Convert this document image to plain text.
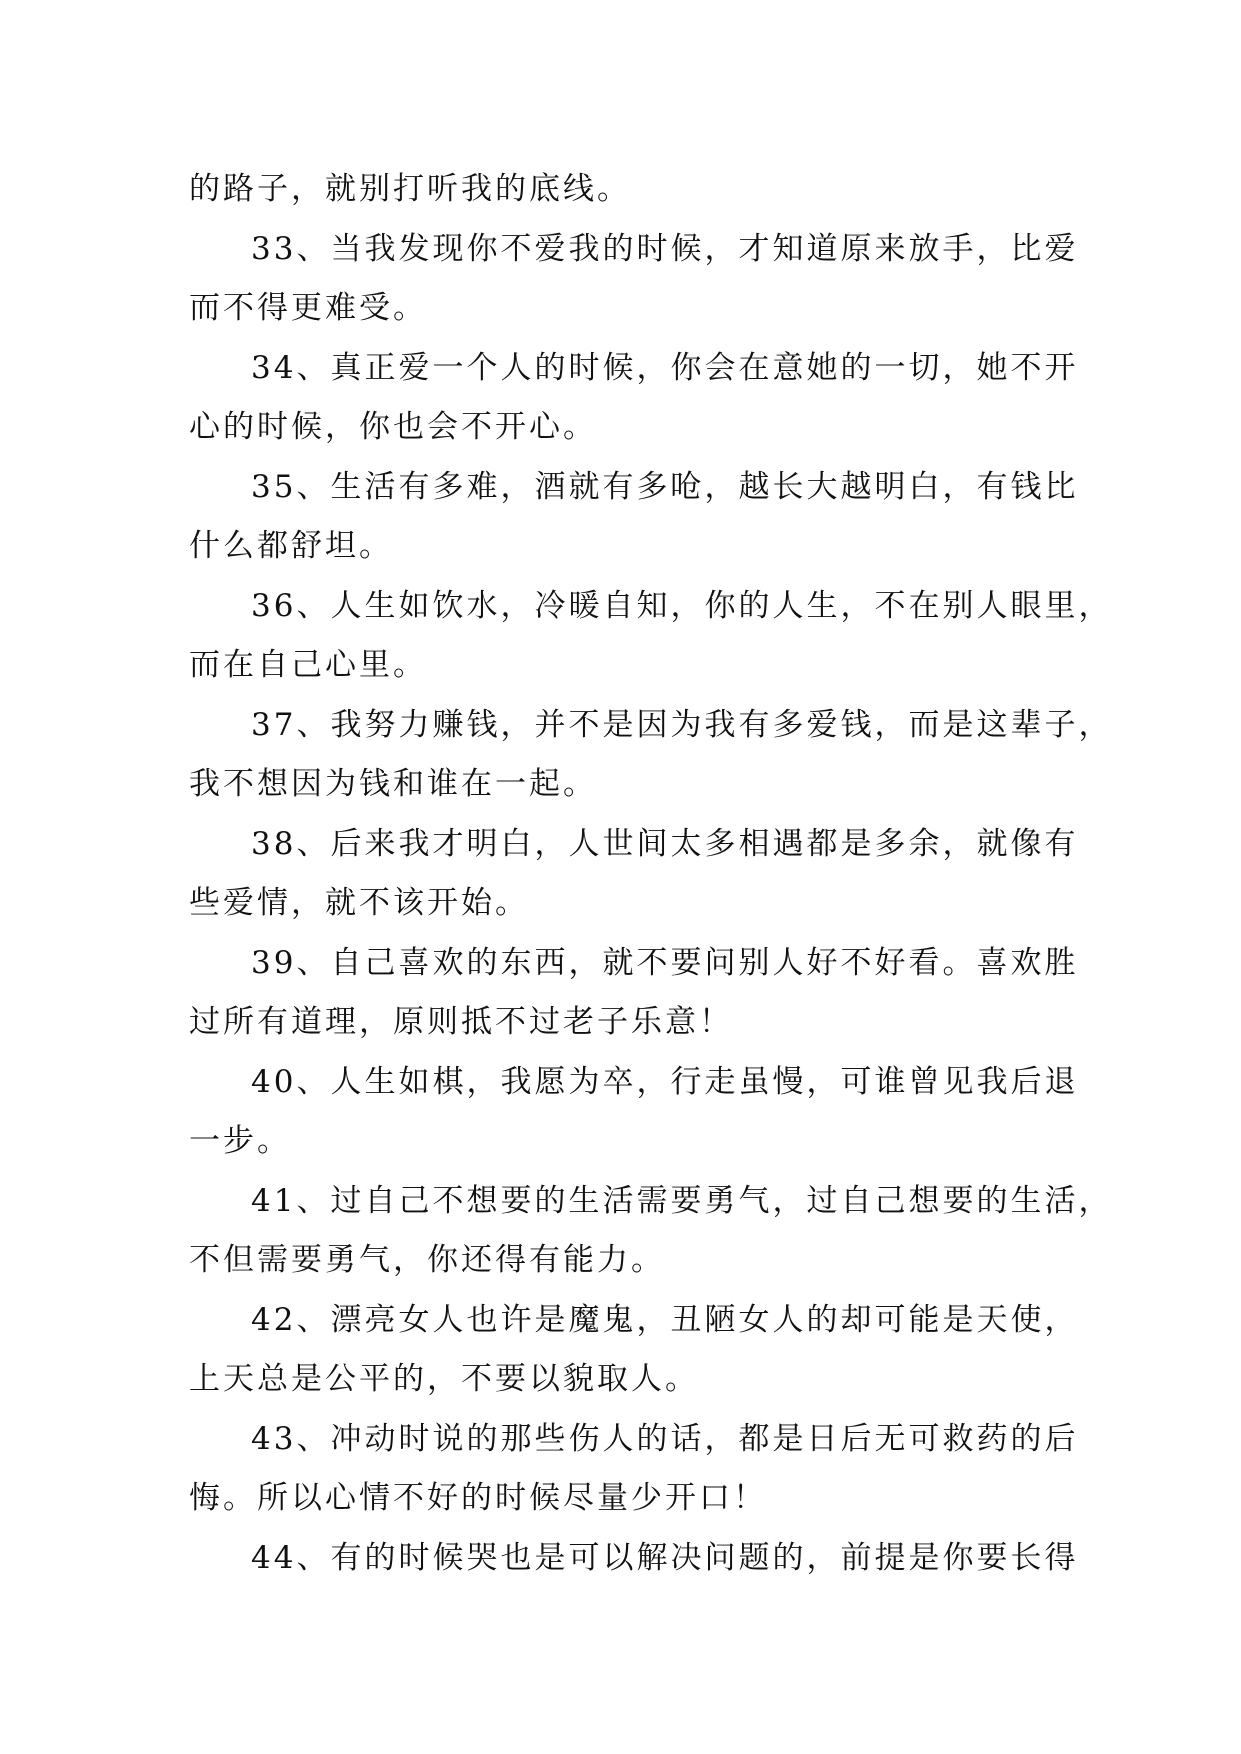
的路子，就别打听我的底线。
33、当我发现你不爱我的时候，才知道原来放手，比爱
而不得更难受。
34、真正爱一个人的时候，你会在意她的一切，她不开
心的时候，你也会不开心。
35、生活有多难，酒就有多呛，越长大越明白，有钱比
什么都舒坦。
36、人生如饮水，冷暖自知，你的人生，不在别人眼里，
而在自己心里。
37、我努力赚钱，并不是因为我有多爱钱，而是这辈子，
我不想因为钱和谁在一起。
38、后来我才明白，人世间太多相遇都是多余，就像有
些爱情，就不该开始。
39、自己喜欢的东西，就不要问别人好不好看。喜欢胜
过所有道理，原则抵不过老子乐意！
40、人生如棋，我愿为卒，行走虽慢，可谁曾见我后退
一步。
41、过自己不想要的生活需要勇气，过自己想要的生活，
不但需要勇气，你还得有能力。
42、漂亮女人也许是魔鬼，丑陋女人的却可能是天使，
上天总是公平的，不要以貌取人。
43、冲动时说的那些伤人的话，都是日后无可救药的后
悔。所以心情不好的时候尽量少开口！
44、有的时候哭也是可以解决问题的，前提是你要长得
